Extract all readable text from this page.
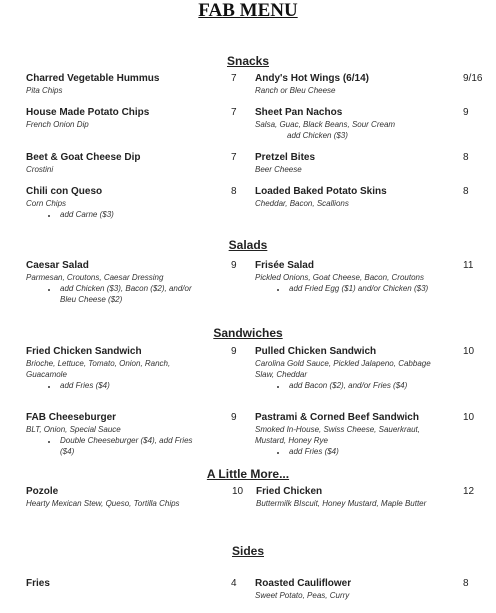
FAB MENU
Snacks
Charred Vegetable Hummus
Pita Chips
7 Andy's Hot Wings (6/14)
Ranch or Bleu Cheese
9/16
House Made Potato Chips
French Onion Dip
7 Sheet Pan Nachos
Salsa, Guac, Black Beans, Sour Cream
add Chicken ($3)
9
Beet & Goat Cheese Dip
Crostini
7 Pretzel Bites
Beer Cheese
8
Chili con Queso
Corn Chips
• add Carne ($3)
8 Loaded Baked Potato Skins
Cheddar, Bacon, Scallions
8
Salads
Caesar Salad
Parmesan, Croutons, Caesar Dressing
• add Chicken ($3), Bacon ($2), and/or Bleu Cheese ($2)
9 Frisée Salad
Pickled Onions, Goat Cheese, Bacon, Croutons
• add Fried Egg ($1) and/or Chicken ($3)
11
Sandwiches
Fried Chicken Sandwich
Brioche, Lettuce, Tomato, Onion, Ranch, Guacamole
• add Fries ($4)
9 Pulled Chicken Sandwich
Carolina Gold Sauce, Pickled Jalapeno, Cabbage Slaw, Cheddar
• add Bacon ($2), and/or Fries ($4)
10
FAB Cheeseburger
BLT, Onion, Special Sauce
• Double Cheeseburger ($4), add Fries ($4)
9 Pastrami & Corned Beef Sandwich
Smoked In-House, Swiss Cheese, Sauerkraut, Mustard, Honey Rye
• add Fries ($4)
10
A Little More...
Pozole
Hearty Mexican Stew, Queso, Tortilla Chips
10 Fried Chicken
Buttermilk BIscuit, Honey Mustard, Maple Butter
12
Sides
Fries	4 Roasted Cauliflower
Sweet Potato, Peas, Curry
8
